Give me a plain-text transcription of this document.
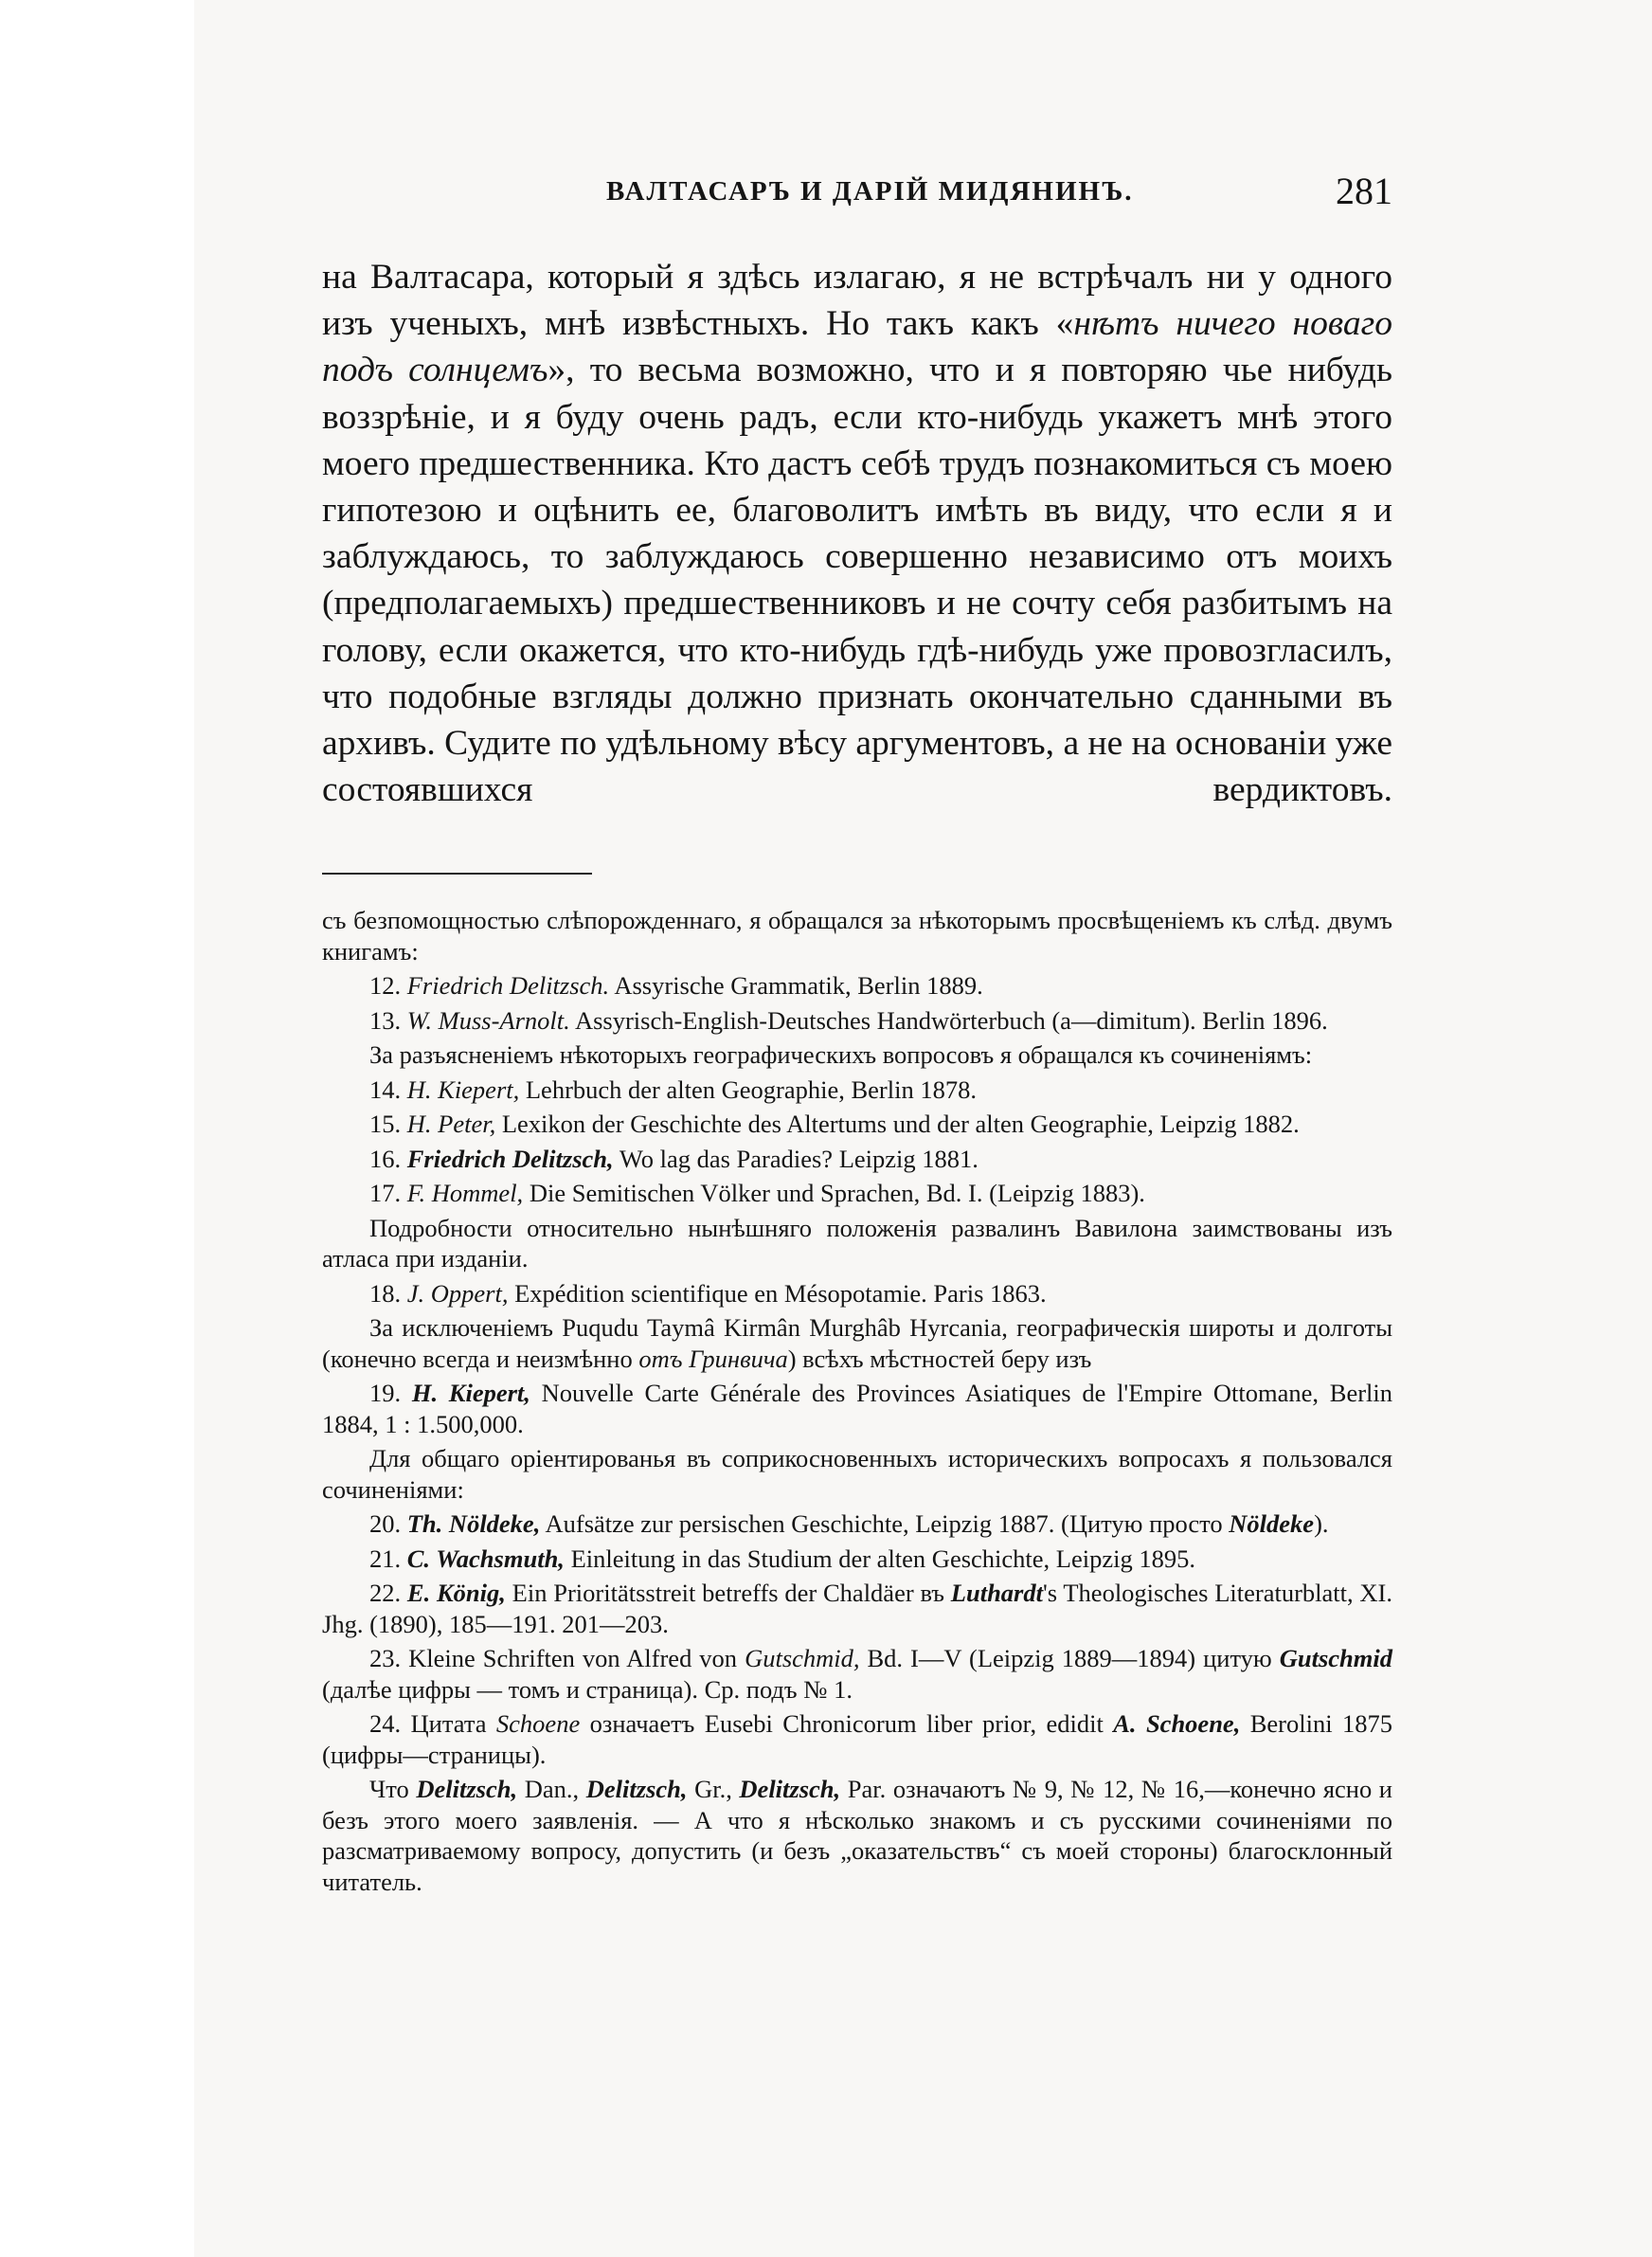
ВАЛТАСАРЪ И ДАРІЙ МИДЯНИНЪ.	281

на Валтасара, который я здѣсь излагаю, я не встрѣчалъ ни у одного изъ ученыхъ, мнѣ извѣстныхъ. Но такъ какъ «нѣтъ ничего новаго подъ солнцемъ», то весьма возможно, что и я повторяю чье нибудь воззрѣніе, и я буду очень радъ, если кто-нибудь укажетъ мнѣ этого моего предшественника. Кто дастъ себѣ трудъ познакомиться съ моею гипотезою и оцѣнить ее, благоволитъ имѣть въ виду, что если я и заблуждаюсь, то заблуждаюсь совершенно независимо отъ моихъ (предполагаемыхъ) предшественниковъ и не сочту себя разбитымъ на голову, если окажется, что кто-нибудь гдѣ-нибудь уже провозгласилъ, что подобные взгляды должно признать окончательно сданными въ архивъ. Судите по удѣльному вѣсу аргументовъ, а не на основаніи уже состоявшихся вердиктовъ.

съ безпомощностью слѣпорожденнаго, я обращался за нѣкоторымъ просвѣщеніемъ къ слѣд. двумъ книгамъ:

12. Friedrich Delitzsch. Assyrische Grammatik, Berlin 1889.

13. W. Muss-Arnolt. Assyrisch-English-Deutsches Handwörterbuch (a—dimitum). Berlin 1896.

За разъясненіемъ нѣкоторыхъ географическихъ вопросовъ я обращался къ сочиненіямъ:

14. H. Kiepert, Lehrbuch der alten Geographie, Berlin 1878.

15. H. Peter, Lexikon der Geschichte des Altertums und der alten Geographie, Leipzig 1882.

16. Friedrich Delitzsch, Wo lag das Paradies? Leipzig 1881.

17. F. Hommel, Die Semitischen Völker und Sprachen, Bd. I. (Leipzig 1883).

Подробности относительно нынѣшняго положенія развалинъ Вавилона заимствованы изъ атласа при изданіи.

18. J. Oppert, Expédition scientifique en Mésopotamie. Paris 1863.

За исключеніемъ Puqudu Taymâ Kirmân Murghâb Hyrcania, географическія широты и долготы (конечно всегда и неизмѣнно отъ Гринвича) всѣхъ мѣстностей беру изъ

19. H. Kiepert, Nouvelle Carte Générale des Provinces Asiatiques de l'Empire Ottomane, Berlin 1884, 1 : 1.500,000.

Для общаго оріентированья въ соприкосновенныхъ историческихъ вопросахъ я пользовался сочиненіями:

20. Th. Nöldeke, Aufsätze zur persischen Geschichte, Leipzig 1887. (Цитую просто Nöldeke).

21. C. Wachsmuth, Einleitung in das Studium der alten Geschichte, Leipzig 1895.

22. E. König, Ein Prioritätsstreit betreffs der Chaldäer въ Luthardt's Theologisches Literaturblatt, XI. Jhg. (1890), 185—191. 201—203.

23. Kleine Schriften von Alfred von Gutschmid, Bd. I—V (Leipzig 1889—1894) цитую Gutschmid (далѣе цифры — томъ и страница). Ср. подъ № 1.

24. Цитата Schoene означаетъ Eusebi Chronicorum liber prior, edidit A. Schoene, Berolini 1875 (цифры—страницы).

Что Delitzsch, Dan., Delitzsch, Gr., Delitzsch, Par. означаютъ № 9, № 12, № 16,—конечно ясно и безъ этого моего заявленія. — А что я нѣсколько знакомъ и съ русскими сочиненіями по разсматриваемому вопросу, допустить (и безъ „оказательствъ“ съ моей стороны) благосклонный читатель.
